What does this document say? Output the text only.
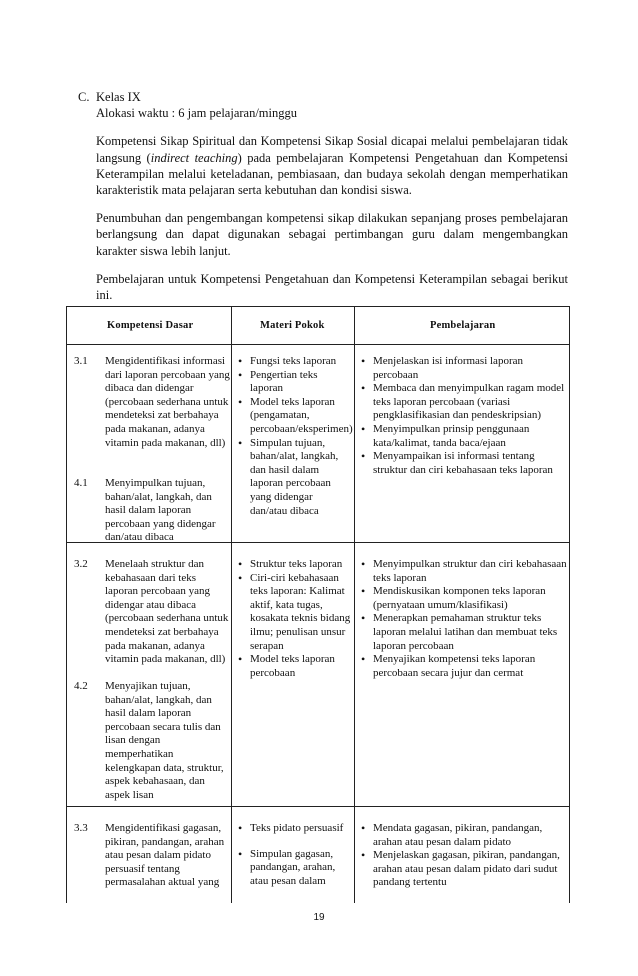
C. Kelas IX
Alokasi waktu : 6 jam pelajaran/minggu
Kompetensi Sikap Spiritual dan Kompetensi Sikap Sosial dicapai melalui pembelajaran tidak langsung (indirect teaching) pada pembelajaran Kompetensi Pengetahuan dan Kompetensi Keterampilan melalui keteladanan, pembiasaan, dan budaya sekolah dengan memperhatikan karakteristik mata pelajaran serta kebutuhan dan kondisi siswa.
Penumbuhan dan pengembangan kompetensi sikap dilakukan sepanjang proses pembelajaran berlangsung dan dapat digunakan sebagai pertimbangan guru dalam mengembangkan karakter siswa lebih lanjut.
Pembelajaran untuk Kompetensi Pengetahuan dan Kompetensi Keterampilan sebagai berikut ini.
Kompetensi Dasar	Materi Pokok	Pembelajaran
3.1 Mengidentifikasi informasi dari laporan percobaan yang dibaca dan didengar (percobaan sederhana untuk mendeteksi zat berbahaya pada makanan, adanya vitamin pada makanan, dll)
4.1 Menyimpulkan tujuan, bahan/alat, langkah, dan hasil dalam laporan percobaan yang didengar dan/atau dibaca
• Fungsi teks laporan
• Pengertian teks laporan
• Model teks laporan (pengamatan, percobaan/eksperimen)
• Simpulan tujuan, bahan/alat, langkah, dan hasil dalam laporan percobaan yang didengar dan/atau dibaca
• Menjelaskan isi informasi laporan percobaan
• Membaca dan menyimpulkan ragam model teks laporan percobaan (variasi pengklasifikasian dan pendeskripsian)
• Menyimpulkan prinsip penggunaan kata/kalimat, tanda baca/ejaan
• Menyampaikan isi informasi tentang struktur dan ciri kebahasaan teks laporan
3.2 Menelaah struktur dan kebahasaan dari teks laporan percobaan yang didengar atau dibaca (percobaan sederhana untuk mendeteksi zat berbahaya pada makanan, adanya vitamin pada makanan, dll)
4.2 Menyajikan tujuan, bahan/alat, langkah, dan hasil dalam laporan percobaan secara tulis dan lisan dengan memperhatikan kelengkapan data, struktur, aspek kebahasaan, dan aspek lisan
• Struktur teks laporan
• Ciri-ciri kebahasaan teks laporan: Kalimat aktif, kata tugas, kosakata teknis bidang ilmu; penulisan unsur serapan
• Model teks laporan percobaan
• Menyimpulkan struktur dan ciri kebahasaan teks laporan
• Mendiskusikan komponen teks laporan (pernyataan umum/klasifikasi)
• Menerapkan pemahaman struktur teks laporan melalui latihan dan membuat teks laporan percobaan
• Menyajikan kompetensi teks laporan percobaan secara jujur dan cermat
3.3 Mengidentifikasi gagasan, pikiran, pandangan, arahan atau pesan dalam pidato persuasif tentang permasalahan aktual yang
• Teks pidato persuasif
• Simpulan gagasan, pandangan, arahan, atau pesan dalam
• Mendata gagasan, pikiran, pandangan, arahan atau pesan dalam pidato
• Menjelaskan gagasan, pikiran, pandangan, arahan atau pesan dalam pidato dari sudut pandang tertentu
19
